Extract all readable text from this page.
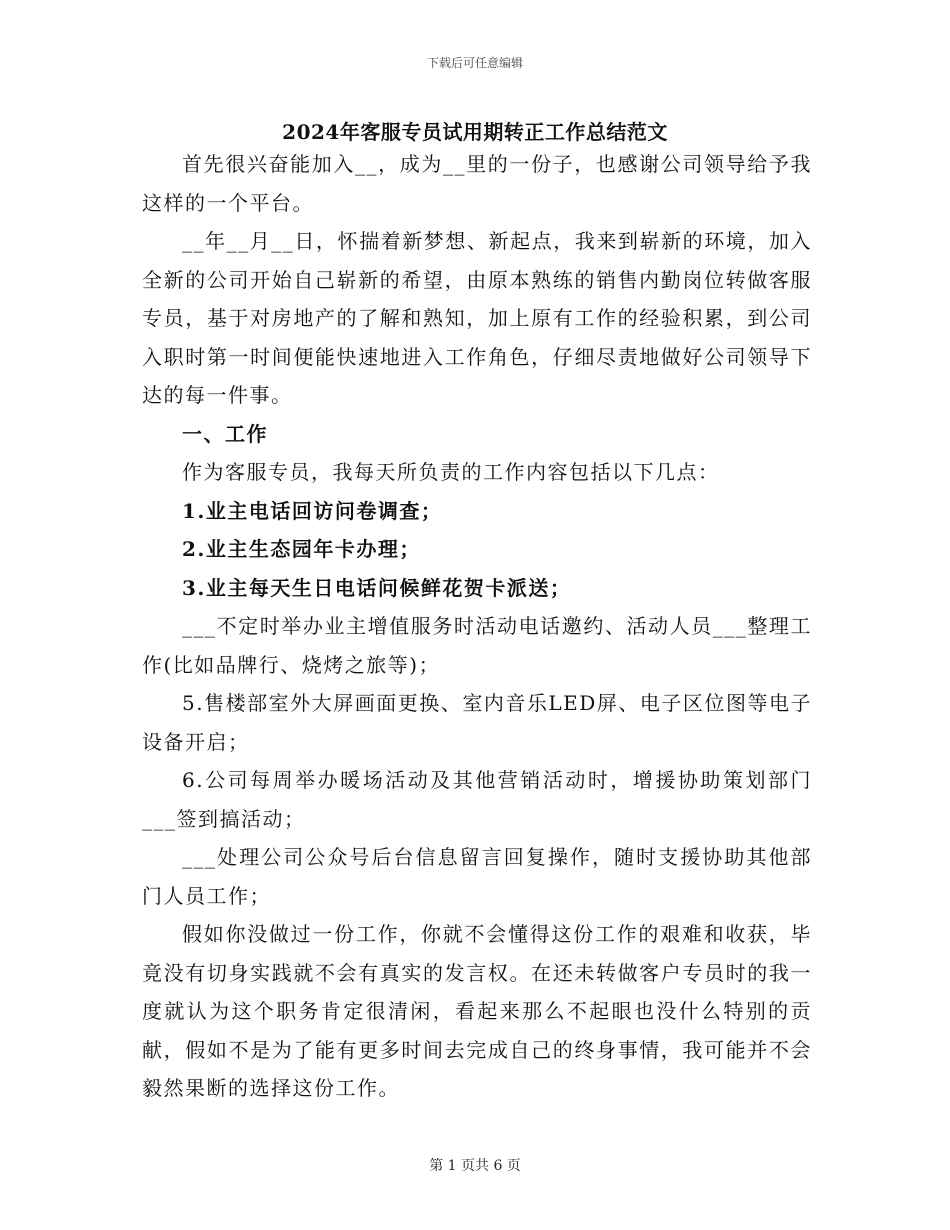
下载后可任意编辑
2024年客服专员试用期转正工作总结范文

首先很兴奋能加入__，成为__里的一份子，也感谢公司领导给予我这样的一个平台。

__年__月__日，怀揣着新梦想、新起点，我来到崭新的环境，加入全新的公司开始自己崭新的希望，由原本熟练的销售内勤岗位转做客服专员，基于对房地产的了解和熟知，加上原有工作的经验积累，到公司入职时第一时间便能快速地进入工作角色，仔细尽责地做好公司领导下达的每一件事。

一、工作

作为客服专员，我每天所负责的工作内容包括以下几点：

1.业主电话回访问卷调查；

2.业主生态园年卡办理；

3.业主每天生日电话问候鲜花贺卡派送；

___不定时举办业主增值服务时活动电话邀约、活动人员___整理工作(比如品牌行、烧烤之旅等)；

5.售楼部室外大屏画面更换、室内音乐LED屏、电子区位图等电子设备开启；

6.公司每周举办暖场活动及其他营销活动时，增援协助策划部门___签到搞活动；

___处理公司公众号后台信息留言回复操作，随时支援协助其他部门人员工作；

假如你没做过一份工作，你就不会懂得这份工作的艰难和收获，毕竟没有切身实践就不会有真实的发言权。在还未转做客户专员时的我一度就认为这个职务肯定很清闲，看起来那么不起眼也没什么特别的贡献，假如不是为了能有更多时间去完成自己的终身事情，我可能并不会毅然果断的选择这份工作。

第 1 页共 6 页
